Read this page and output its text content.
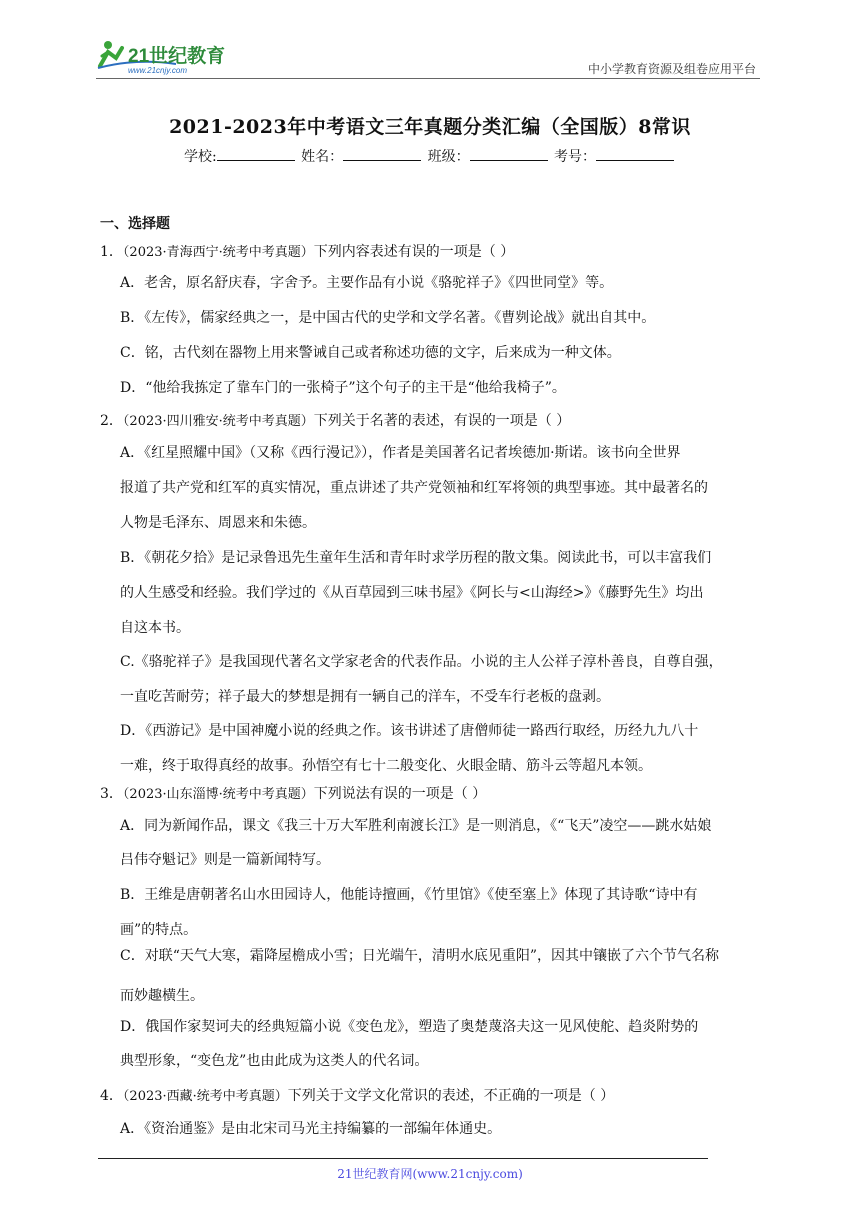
21世纪教育
www.21cnjy.com	中小学教育资源及组卷应用平台
2021-2023年中考语文三年真题分类汇编（全国版）8常识
学校:	姓名：	班级：	考号：
一、选择题
1．（2023·青海西宁·统考中考真题）下列内容表述有误的一项是（ ）
A．老舍，原名舒庆春，字舍予。主要作品有小说《骆驼祥子》《四世同堂》等。
B．《左传》，儒家经典之一，是中国古代的史学和文学名著。《曹刿论战》就出自其中。
C．铭，古代刻在器物上用来警诫自己或者称述功德的文字，后来成为一种文体。
D．“他给我拣定了靠车门的一张椅子”这个句子的主干是“他给我椅子”。
2．（2023·四川雅安·统考中考真题）下列关于名著的表述，有误的一项是（ ）
A．《红星照耀中国》（又称《西行漫记》），作者是美国著名记者埃德加·斯诺。该书向全世界
报道了共产党和红军的真实情况，重点讲述了共产党领袖和红军将领的典型事迹。其中最著名的
人物是毛泽东、周恩来和朱德。
B．《朝花夕拾》是记录鲁迅先生童年生活和青年时求学历程的散文集。阅读此书，可以丰富我们
的人生感受和经验。我们学过的《从百草园到三味书屋》《阿长与<山海经>》《藤野先生》均出
自这本书。
C.《骆驼祥子》是我国现代著名文学家老舍的代表作品。小说的主人公祥子淳朴善良，自尊自强，
一直吃苦耐劳；祥子最大的梦想是拥有一辆自己的洋车，不受车行老板的盘剥。
D．《西游记》是中国神魔小说的经典之作。该书讲述了唐僧师徒一路西行取经，历经九九八十
一难，终于取得真经的故事。孙悟空有七十二般变化、火眼金睛、筋斗云等超凡本领。
3．（2023·山东淄博·统考中考真题）下列说法有误的一项是（ ）
A．同为新闻作品，课文《我三十万大军胜利南渡长江》是一则消息，《“飞天”凌空——跳水姑娘
吕伟夺魁记》则是一篇新闻特写。
B．王维是唐朝著名山水田园诗人，他能诗擅画，《竹里馆》《使至塞上》体现了其诗歌“诗中有
画”的特点。
C．对联“天气大寒，霜降屋檐成小雪；日光端午，清明水底见重阳”，因其中镶嵌了六个节气名称
而妙趣横生。
D．俄国作家契诃夫的经典短篇小说《变色龙》，塑造了奥楚蔑洛夫这一见风使舵、趋炎附势的
典型形象，“变色龙”也由此成为这类人的代名词。
4．（2023·西藏·统考中考真题）下列关于文学文化常识的表述，不正确的一项是（ ）
A．《资治通鉴》是由北宋司马光主持编纂的一部编年体通史。
21世纪教育网(www.21cnjy.com)
